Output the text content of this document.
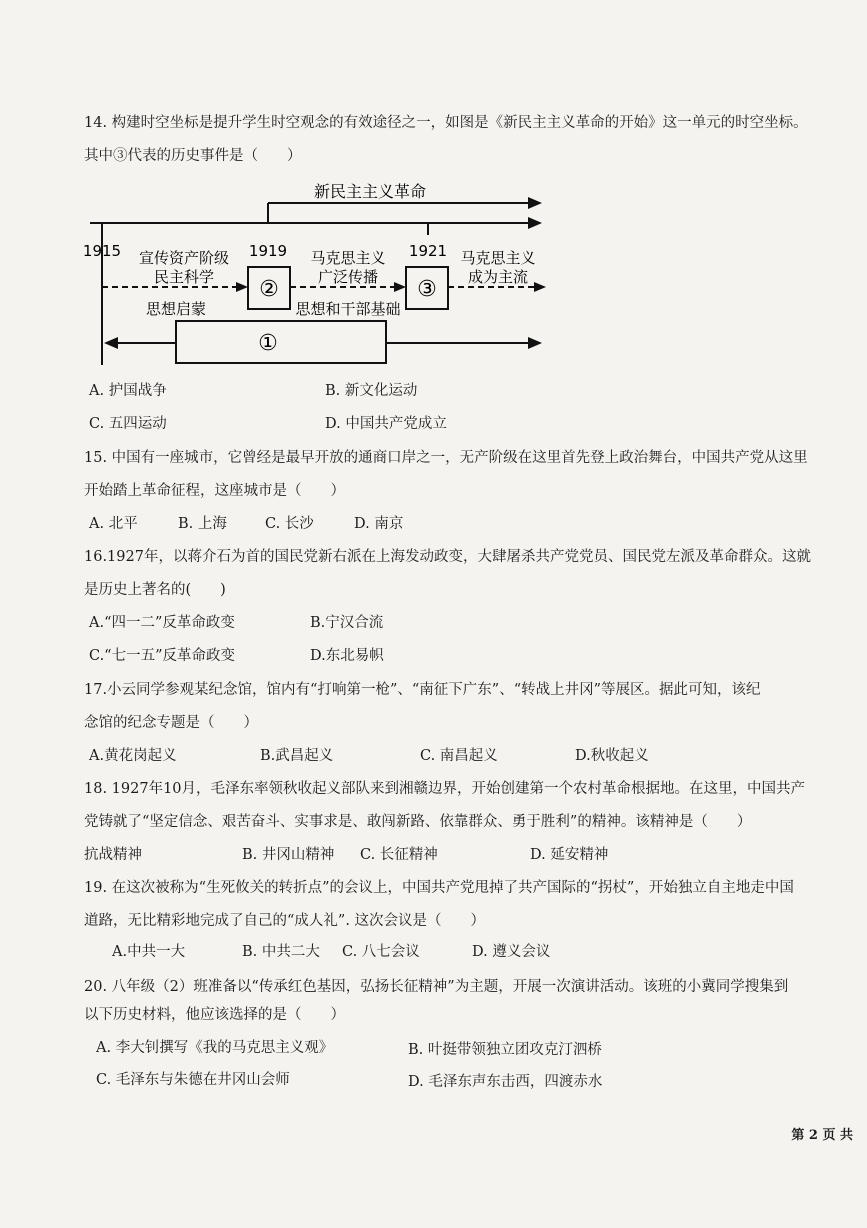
14. 构建时空坐标是提升学生时空观念的有效途径之一，如图是《新民主主义革命的开始》这一单元的时空坐标。
其中③代表的历史事件是（　　）
新民主主义革命
1915	1919	1921
宣传资产阶级
民主科学
马克思主义
广泛传播
马克思主义
成为主流
②	③
思想启蒙	思想和干部基础
①
A. 护国战争	B. 新文化运动
C. 五四运动	D. 中国共产党成立
15. 中国有一座城市，它曾经是最早开放的通商口岸之一，无产阶级在这里首先登上政治舞台，中国共产党从这里
开始踏上革命征程，这座城市是（　　）
A. 北平	B. 上海	C. 长沙	D. 南京
16.1927年，以蒋介石为首的国民党新右派在上海发动政变，大肆屠杀共产党党员、国民党左派及革命群众。这就
是历史上著名的(　　)
A.“四一二”反革命政变	B.宁汉合流
C.“七一五”反革命政变	D.东北易帜
17.小云同学参观某纪念馆，馆内有“打响第一枪”、“南征下广东”、“转战上井冈”等展区。据此可知，该纪
念馆的纪念专题是（　　）
A.黄花岗起义	B.武昌起义	C. 南昌起义	D.秋收起义
18. 1927年10月，毛泽东率领秋收起义部队来到湘赣边界，开始创建第一个农村革命根据地。在这里，中国共产
党铸就了“坚定信念、艰苦奋斗、实事求是、敢闯新路、依靠群众、勇于胜利”的精神。该精神是（　　）
抗战精神	B. 井冈山精神 C. 长征精神	D. 延安精神
19. 在这次被称为“生死攸关的转折点”的会议上，中国共产党甩掉了共产国际的“拐杖”，开始独立自主地走中国
道路，无比精彩地完成了自己的“成人礼”. 这次会议是（　　）
A.中共一大	B. 中共二大 C. 八七会议	D. 遵义会议
20. 八年级（2）班准备以“传承红色基因，弘扬长征精神”为主题，开展一次演讲活动。该班的小冀同学搜集到
以下历史材料，他应该选择的是（　　）
A. 李大钊撰写《我的马克思主义观》	B. 叶挺带领独立团攻克汀泗桥
C. 毛泽东与朱德在井冈山会师	D. 毛泽东声东击西，四渡赤水
第 2 页 共
